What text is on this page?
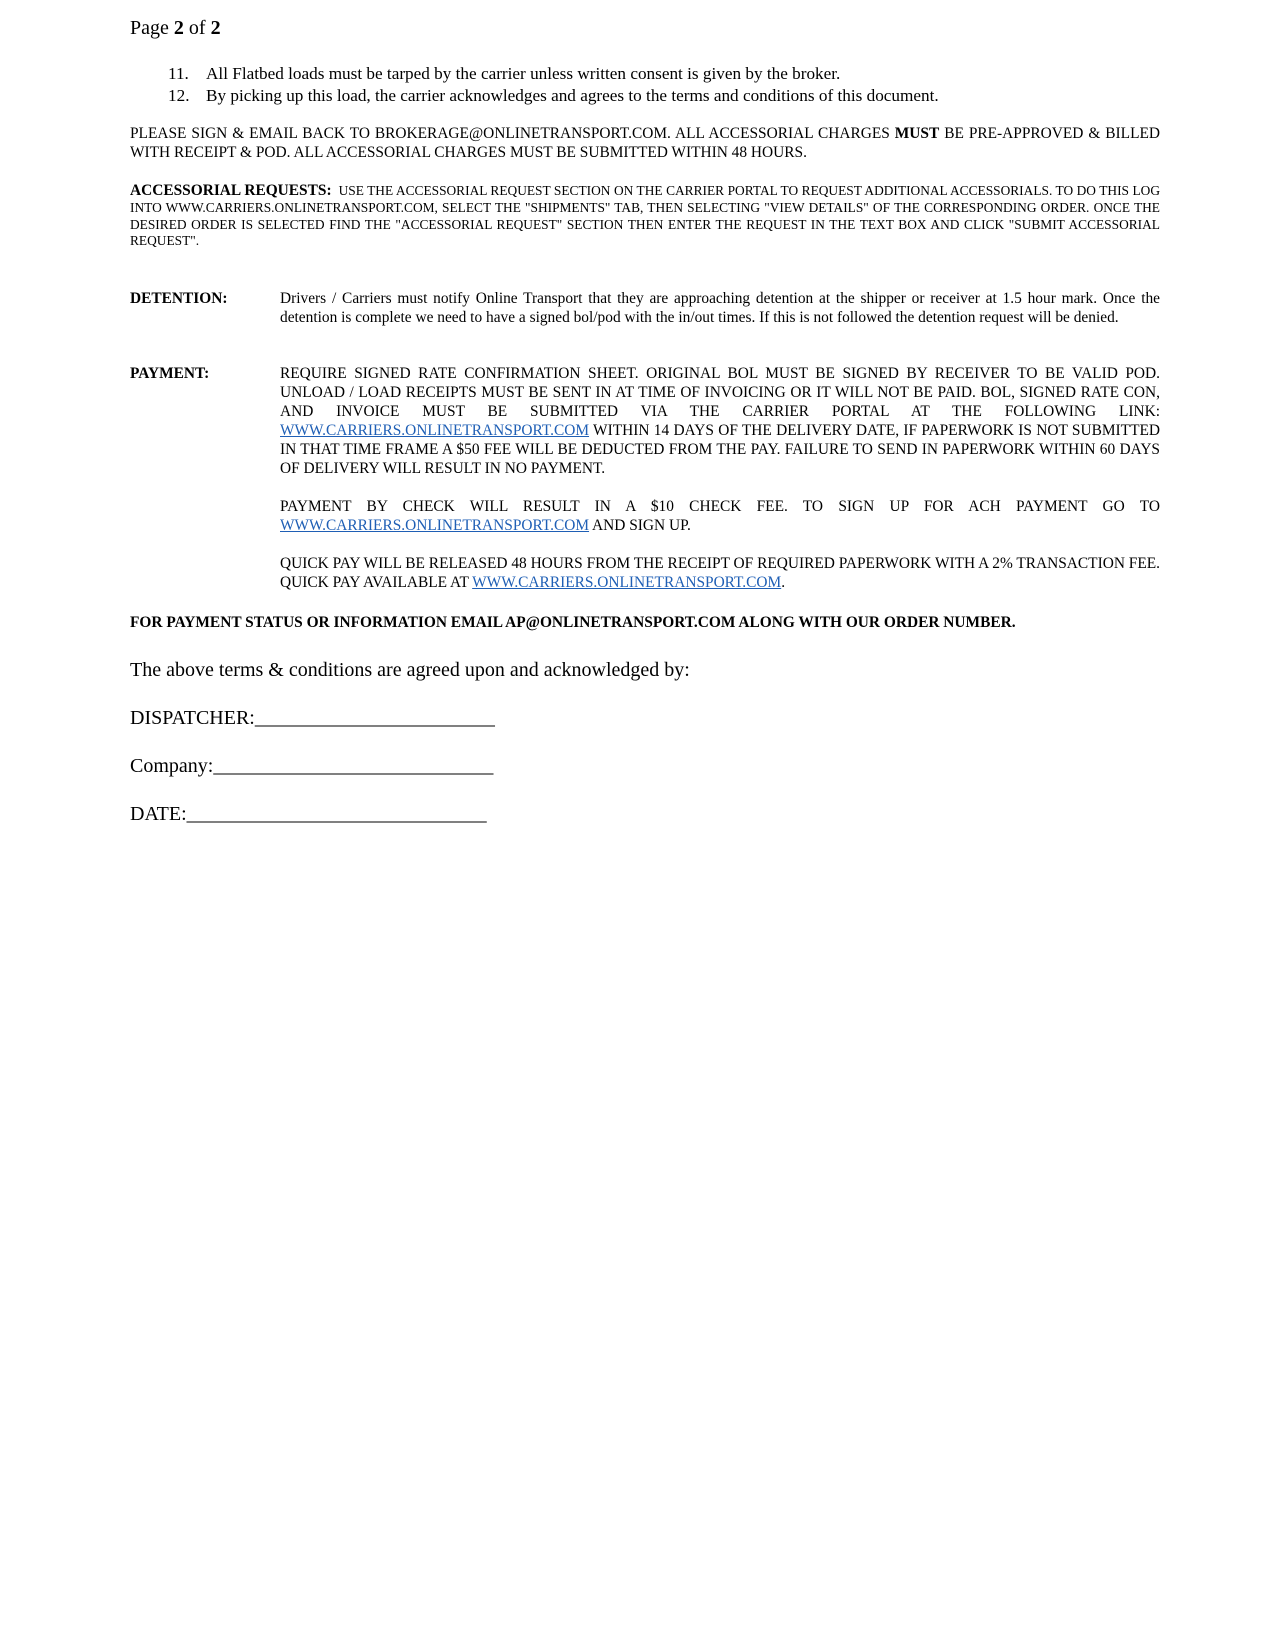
Page 2 of 2
11. All Flatbed loads must be tarped by the carrier unless written consent is given by the broker.
12. By picking up this load, the carrier acknowledges and agrees to the terms and conditions of this document.
PLEASE SIGN & EMAIL BACK TO BROKERAGE@ONLINETRANSPORT.COM. ALL ACCESSORIAL CHARGES MUST BE PRE-APPROVED & BILLED WITH RECEIPT & POD. ALL ACCESSORIAL CHARGES MUST BE SUBMITTED WITHIN 48 HOURS.
ACCESSORIAL REQUESTS: USE THE ACCESSORIAL REQUEST SECTION ON THE CARRIER PORTAL TO REQUEST ADDITIONAL ACCESSORIALS. TO DO THIS LOG INTO WWW.CARRIERS.ONLINETRANSPORT.COM, SELECT THE "SHIPMENTS" TAB, THEN SELECTING "VIEW DETAILS" OF THE CORRESPONDING ORDER. ONCE THE DESIRED ORDER IS SELECTED FIND THE "ACCESSORIAL REQUEST" SECTION THEN ENTER THE REQUEST IN THE TEXT BOX AND CLICK "SUBMIT ACCESSORIAL REQUEST".
DETENTION:	Drivers / Carriers must notify Online Transport that they are approaching detention at the shipper or receiver at 1.5 hour mark. Once the detention is complete we need to have a signed bol/pod with the in/out times. If this is not followed the detention request will be denied.
PAYMENT:	REQUIRE SIGNED RATE CONFIRMATION SHEET. ORIGINAL BOL MUST BE SIGNED BY RECEIVER TO BE VALID POD. UNLOAD / LOAD RECEIPTS MUST BE SENT IN AT TIME OF INVOICING OR IT WILL NOT BE PAID. BOL, SIGNED RATE CON, AND INVOICE MUST BE SUBMITTED VIA THE CARRIER PORTAL AT THE FOLLOWING LINK: WWW.CARRIERS.ONLINETRANSPORT.COM WITHIN 14 DAYS OF THE DELIVERY DATE, IF PAPERWORK IS NOT SUBMITTED IN THAT TIME FRAME A $50 FEE WILL BE DEDUCTED FROM THE PAY. FAILURE TO SEND IN PAPERWORK WITHIN 60 DAYS OF DELIVERY WILL RESULT IN NO PAYMENT.

PAYMENT BY CHECK WILL RESULT IN A $10 CHECK FEE. TO SIGN UP FOR ACH PAYMENT GO TO WWW.CARRIERS.ONLINETRANSPORT.COM AND SIGN UP.

QUICK PAY WILL BE RELEASED 48 HOURS FROM THE RECEIPT OF REQUIRED PAPERWORK WITH A 2% TRANSACTION FEE. QUICK PAY AVAILABLE AT WWW.CARRIERS.ONLINETRANSPORT.COM.

FOR PAYMENT STATUS OR INFORMATION EMAIL AP@ONLINETRANSPORT.COM ALONG WITH OUR ORDER NUMBER.
The above terms & conditions are agreed upon and acknowledged by:
DISPATCHER:________________________
Company:____________________________
DATE:______________________________
